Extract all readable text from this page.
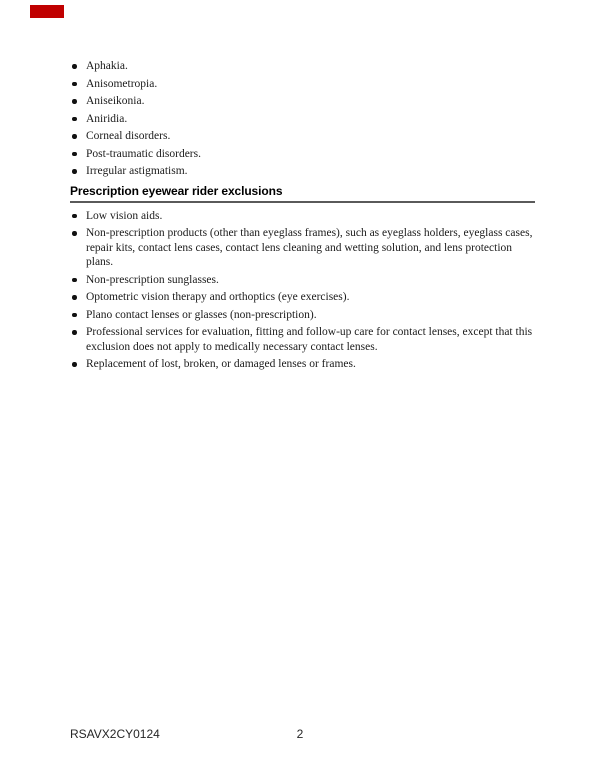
Aphakia.
Anisometropia.
Aniseikonia.
Aniridia.
Corneal disorders.
Post-traumatic disorders.
Irregular astigmatism.
Prescription eyewear rider exclusions
Low vision aids.
Non-prescription products (other than eyeglass frames), such as eyeglass holders, eyeglass cases, repair kits, contact lens cases, contact lens cleaning and wetting solution, and lens protection plans.
Non-prescription sunglasses.
Optometric vision therapy and orthoptics (eye exercises).
Plano contact lenses or glasses (non-prescription).
Professional services for evaluation, fitting and follow-up care for contact lenses, except that this exclusion does not apply to medically necessary contact lenses.
Replacement of lost, broken, or damaged lenses or frames.
RSAVX2CY0124	2
